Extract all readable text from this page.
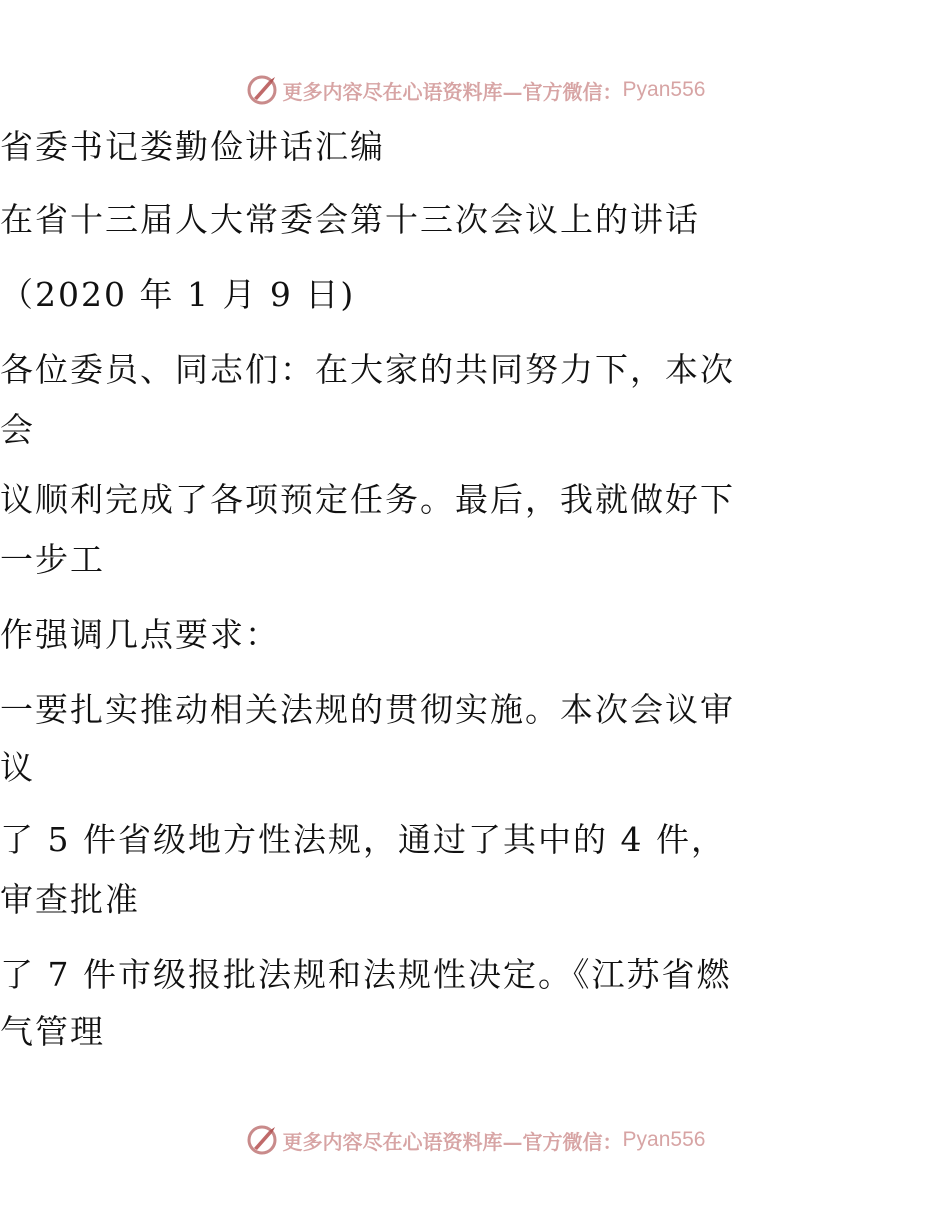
更多内容尽在心语资料库—官方微信： Pyan556

省委书记娄勤俭讲话汇编

在省十三届人大常委会第十三次会议上的讲话

（2020 年 1 月 9 日)

各位委员、同志们：在大家的共同努力下，本次

会

议顺利完成了各项预定任务。最后，我就做好下

一步工

作强调几点要求：

一要扎实推动相关法规的贯彻实施。本次会议审

议

了 5 件省级地方性法规，通过了其中的 4 件，

审查批准

了 7 件市级报批法规和法规性决定。《江苏省燃

气管理

更多内容尽在心语资料库—官方微信： Pyan556
